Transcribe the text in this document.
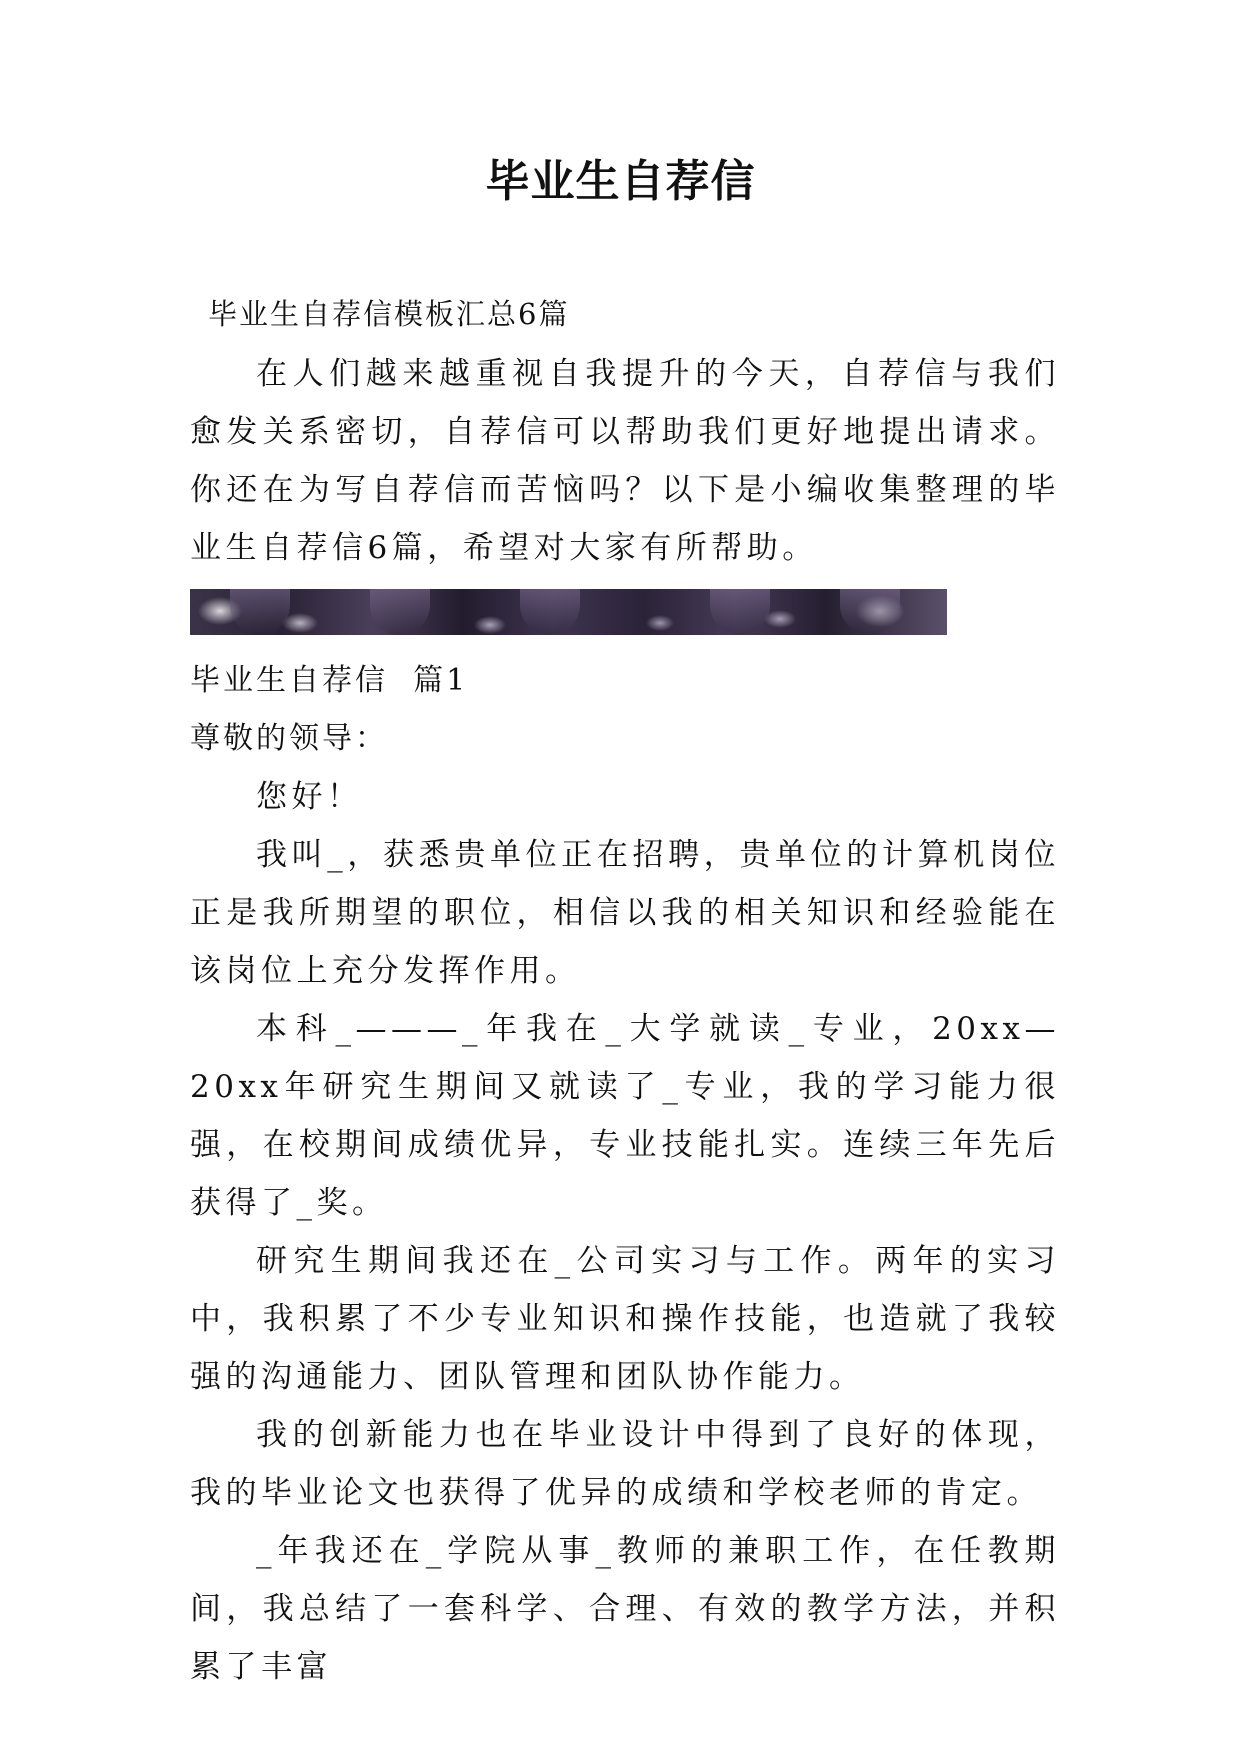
毕业生自荐信
毕业生自荐信模板汇总6篇

在人们越来越重视自我提升的今天，自荐信与我们愈发关系密切，自荐信可以帮助我们更好地提出请求。你还在为写自荐信而苦恼吗？以下是小编收集整理的毕业生自荐信6篇，希望对大家有所帮助。

毕业生自荐信  篇1
尊敬的领导：

您好！

我叫_，获悉贵单位正在招聘，贵单位的计算机岗位正是我所期望的职位，相信以我的相关知识和经验能在该岗位上充分发挥作用。

本科_———_年我在_大学就读_专业，20xx—20xx年研究生期间又就读了_专业，我的学习能力很强，在校期间成绩优异，专业技能扎实。连续三年先后获得了_奖。

研究生期间我还在_公司实习与工作。两年的实习中，我积累了不少专业知识和操作技能，也造就了我较强的沟通能力、团队管理和团队协作能力。

我的创新能力也在毕业设计中得到了良好的体现，我的毕业论文也获得了优异的成绩和学校老师的肯定。

_年我还在_学院从事_教师的兼职工作，在任教期间，我总结了一套科学、合理、有效的教学方法，并积累了丰富
